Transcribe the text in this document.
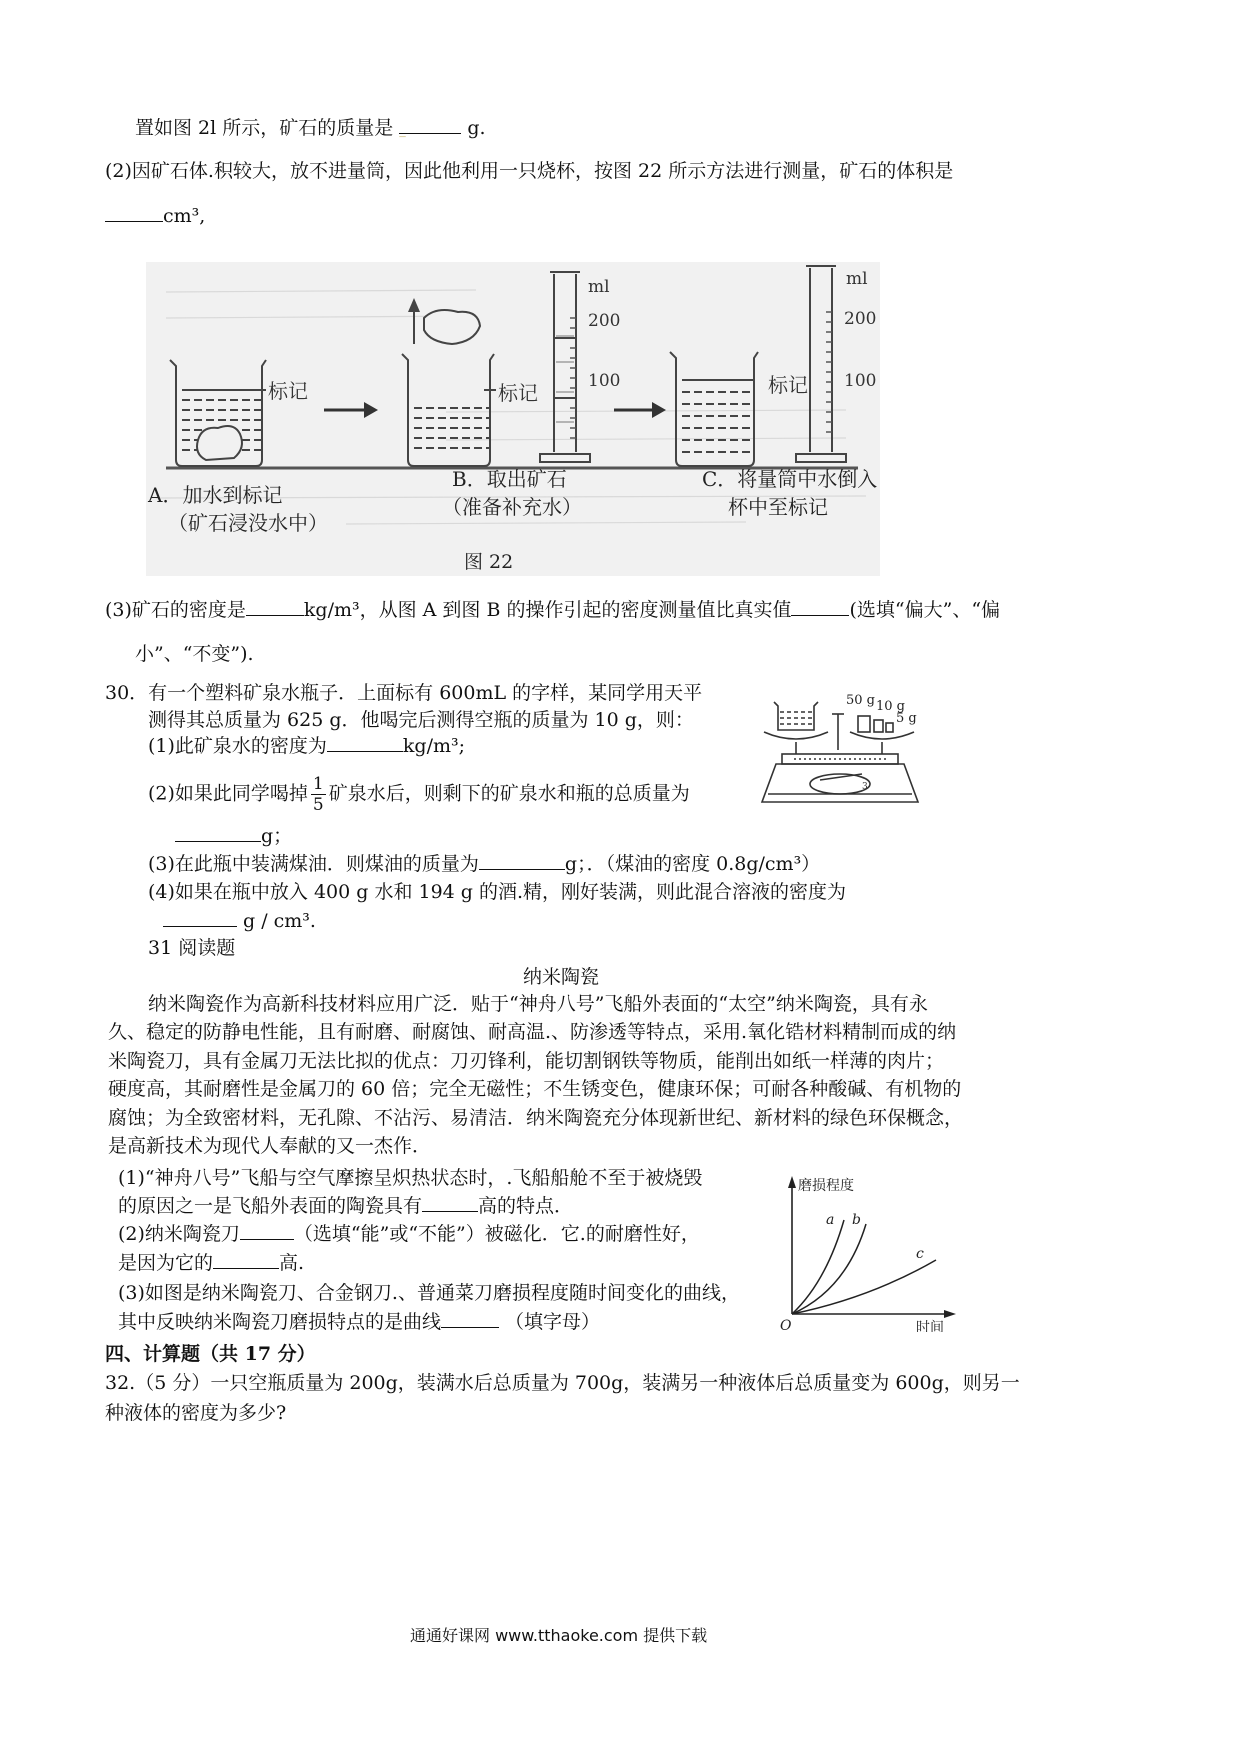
置如图 2l 所示，矿石的质量是 _	g.
(2)因矿石体.积较大，放不进量筒，因此他利用一只烧杯，按图 22 所示方法进行测量，矿石的体积是
cm³,
标记	标记
ml
200
100	标记
ml
200
100
A．加水到标记
（矿石浸没水中）
B．取出矿石
（准备补充水）
C．将量筒中水倒入
杯中至标记
图 22
(3)矿石的密度是	kg/m³，从图 A 到图 B 的操作引起的密度测量值比真实值	(选填“偏大”、“偏
小”、“不变”).
30．有一个塑料矿泉水瓶子．上面标有 600mL 的字样，某同学用天平
测得其总质量为 625 g．他喝完后测得空瓶的质量为 10 g，则：
(1)此矿泉水的密度为	kg/m³;
(2)如果此同学喝掉 $\frac{1}{5}$ 矿泉水后，则剩下的矿泉水和瓶的总质量为
g；
(3)在此瓶中装满煤油．则煤油的质量为	g；．（煤油的密度 0.8g/cm³）
(4)如果在瓶中放入 400 g 水和 194 g 的酒.精，刚好装满，则此混合溶液的密度为
g / cm³.
31 阅读题
50 g 10 g
5 g
3
纳米陶瓷
纳米陶瓷作为高新科技材料应用广泛．贴于“神舟八号”飞船外表面的“太空”纳米陶瓷，具有永
久、稳定的防静电性能，且有耐磨、耐腐蚀、耐高温.、防渗透等特点，采用.氧化锆材料精制而成的纳
米陶瓷刀，具有金属刀无法比拟的优点：刀刃锋利，能切割钢铁等物质，能削出如纸一样薄的肉片；
硬度高，其耐磨性是金属刀的 60 倍；完全无磁性；不生锈变色，健康环保；可耐各种酸碱、有机物的
腐蚀；为全致密材料，无孔隙、不沾污、易清洁．纳米陶瓷充分体现新世纪、新材料的绿色环保概念，
是高新技术为现代人奉献的又一杰作．
(1)“神舟八号”飞船与空气摩擦呈炽热状态时，.飞船船舱不至于被烧毁
的原因之一是飞船外表面的陶瓷具有	高的特点．
(2)纳米陶瓷刀	（选填“能”或“不能”）被磁化．它.的耐磨性好，
是因为它的	高.
(3)如图是纳米陶瓷刀、合金钢刀.、普通菜刀磨损程度随时间变化的曲线，
其中反映纳米陶瓷刀磨损特点的是曲线	（填字母）
磨损程度
时间
O
a b
c
四、计算题（共 17 分）
32.（5 分）一只空瓶质量为 200g，装满水后总质量为 700g，装满另一种液体后总质量变为 600g，则另一
种液体的密度为多少?
通通好课网 www.tthaoke.com 提供下载
